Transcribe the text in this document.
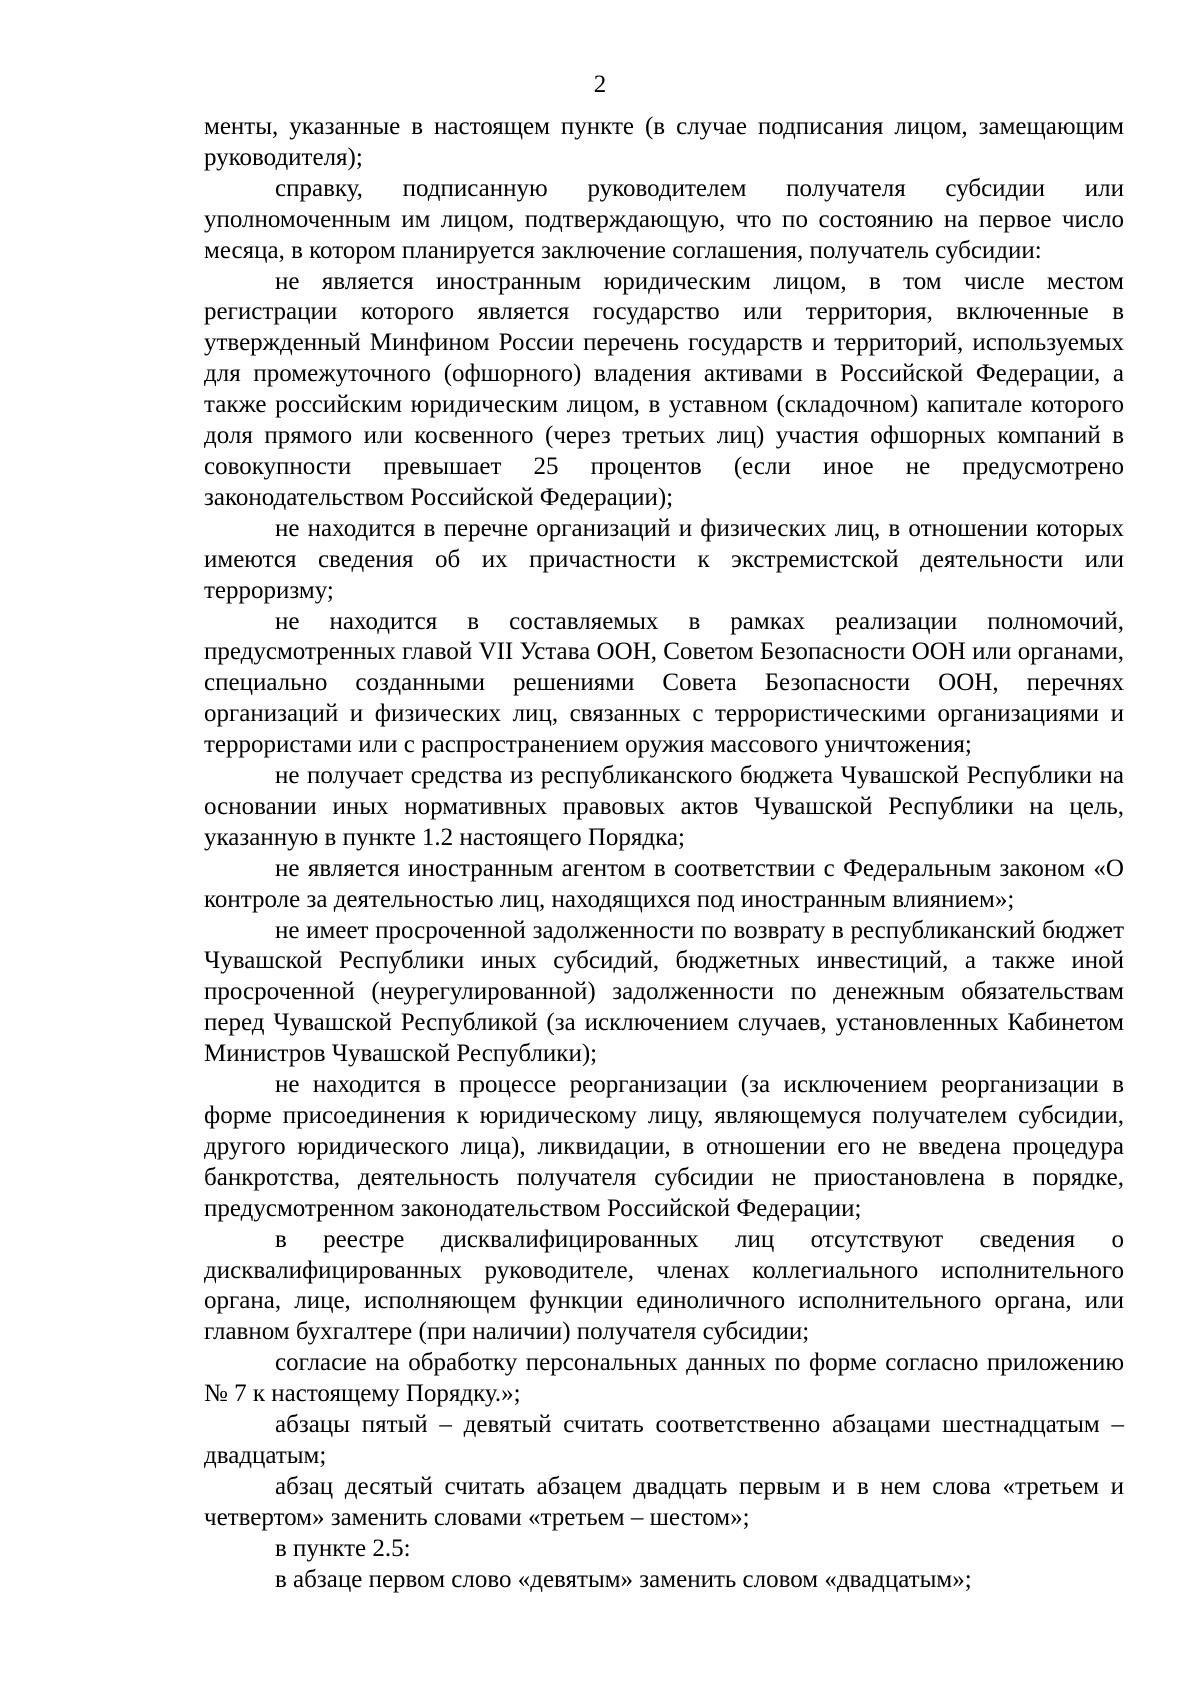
2

менты, указанные в настоящем пункте (в случае подписания лицом, замещающим руководителя);

справку, подписанную руководителем получателя субсидии или уполномоченным им лицом, подтверждающую, что по состоянию на первое число месяца, в котором планируется заключение соглашения, получатель субсидии:

не является иностранным юридическим лицом, в том числе местом регистрации которого является государство или территория, включенные в утвержденный Минфином России перечень государств и территорий, используемых для промежуточного (офшорного) владения активами в Российской Федерации, а также российским юридическим лицом, в уставном (складочном) капитале которого доля прямого или косвенного (через третьих лиц) участия офшорных компаний в совокупности превышает 25 процентов (если иное не предусмотрено законодательством Российской Федерации);

не находится в перечне организаций и физических лиц, в отношении которых имеются сведения об их причастности к экстремистской деятельности или терроризму;

не находится в составляемых в рамках реализации полномочий, предусмотренных главой VII Устава ООН, Советом Безопасности ООН или органами, специально созданными решениями Совета Безопасности ООН, перечнях организаций и физических лиц, связанных с террористическими организациями и террористами или с распространением оружия массового уничтожения;

не получает средства из республиканского бюджета Чувашской Республики на основании иных нормативных правовых актов Чувашской Республики на цель, указанную в пункте 1.2 настоящего Порядка;

не является иностранным агентом в соответствии с Федеральным законом «О контроле за деятельностью лиц, находящихся под иностранным влиянием»;

не имеет просроченной задолженности по возврату в республиканский бюджет Чувашской Республики иных субсидий, бюджетных инвестиций, а также иной просроченной (неурегулированной) задолженности по денежным обязательствам перед Чувашской Республикой (за исключением случаев, установленных Кабинетом Министров Чувашской Республики);

не находится в процессе реорганизации (за исключением реорганизации в форме присоединения к юридическому лицу, являющемуся получателем субсидии, другого юридического лица), ликвидации, в отношении его не введена процедура банкротства, деятельность получателя субсидии не приостановлена в порядке, предусмотренном законодательством Российской Федерации;

в реестре дисквалифицированных лиц отсутствуют сведения о дисквалифицированных руководителе, членах коллегиального исполнительного органа, лице, исполняющем функции единоличного исполнительного органа, или главном бухгалтере (при наличии) получателя субсидии;

согласие на обработку персональных данных по форме согласно приложению № 7 к настоящему Порядку.»;

абзацы пятый – девятый считать соответственно абзацами шестнадцатым – двадцатым;

абзац десятый считать абзацем двадцать первым и в нем слова «третьем и четвертом» заменить словами «третьем – шестом»;

в пункте 2.5:

в абзаце первом слово «девятым» заменить словом «двадцатым»;
